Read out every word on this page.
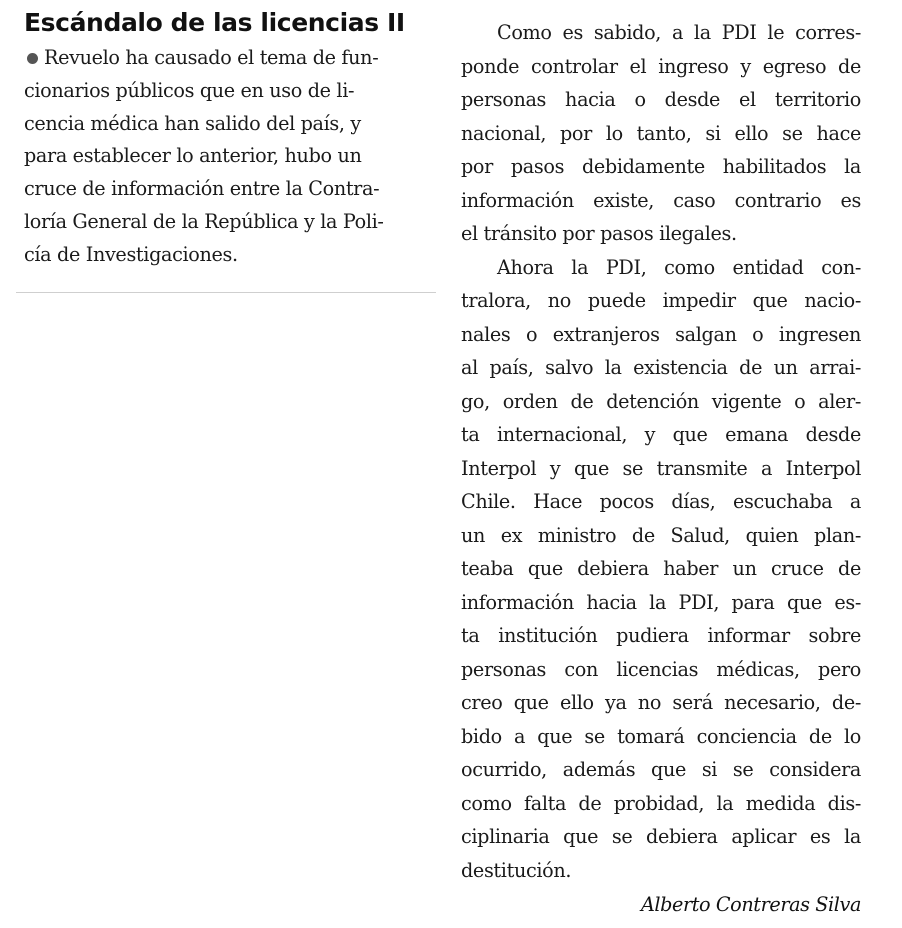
Escándalo de las licencias II

Revuelo ha causado el tema de fun-
cionarios públicos que en uso de li-
cencia médica han salido del país, y
para establecer lo anterior, hubo un
cruce de información entre la Contra-
loría General de la República y la Poli-
cía de Investigaciones.

Como es sabido, a la PDI le corres-
ponde controlar el ingreso y egreso de
personas hacia o desde el territorio
nacional, por lo tanto, si ello se hace
por pasos debidamente habilitados la
información existe, caso contrario es
el tránsito por pasos ilegales.

Ahora la PDI, como entidad con-
tralora, no puede impedir que nacio-
nales o extranjeros salgan o ingresen
al país, salvo la existencia de un arrai-
go, orden de detención vigente o aler-
ta internacional, y que emana desde
Interpol y que se transmite a Interpol
Chile. Hace pocos días, escuchaba a
un ex ministro de Salud, quien plan-
teaba que debiera haber un cruce de
información hacia la PDI, para que es-
ta institución pudiera informar sobre
personas con licencias médicas, pero
creo que ello ya no será necesario, de-
bido a que se tomará conciencia de lo
ocurrido, además que si se considera
como falta de probidad, la medida dis-
ciplinaria que se debiera aplicar es la
destitución.

Alberto Contreras Silva
